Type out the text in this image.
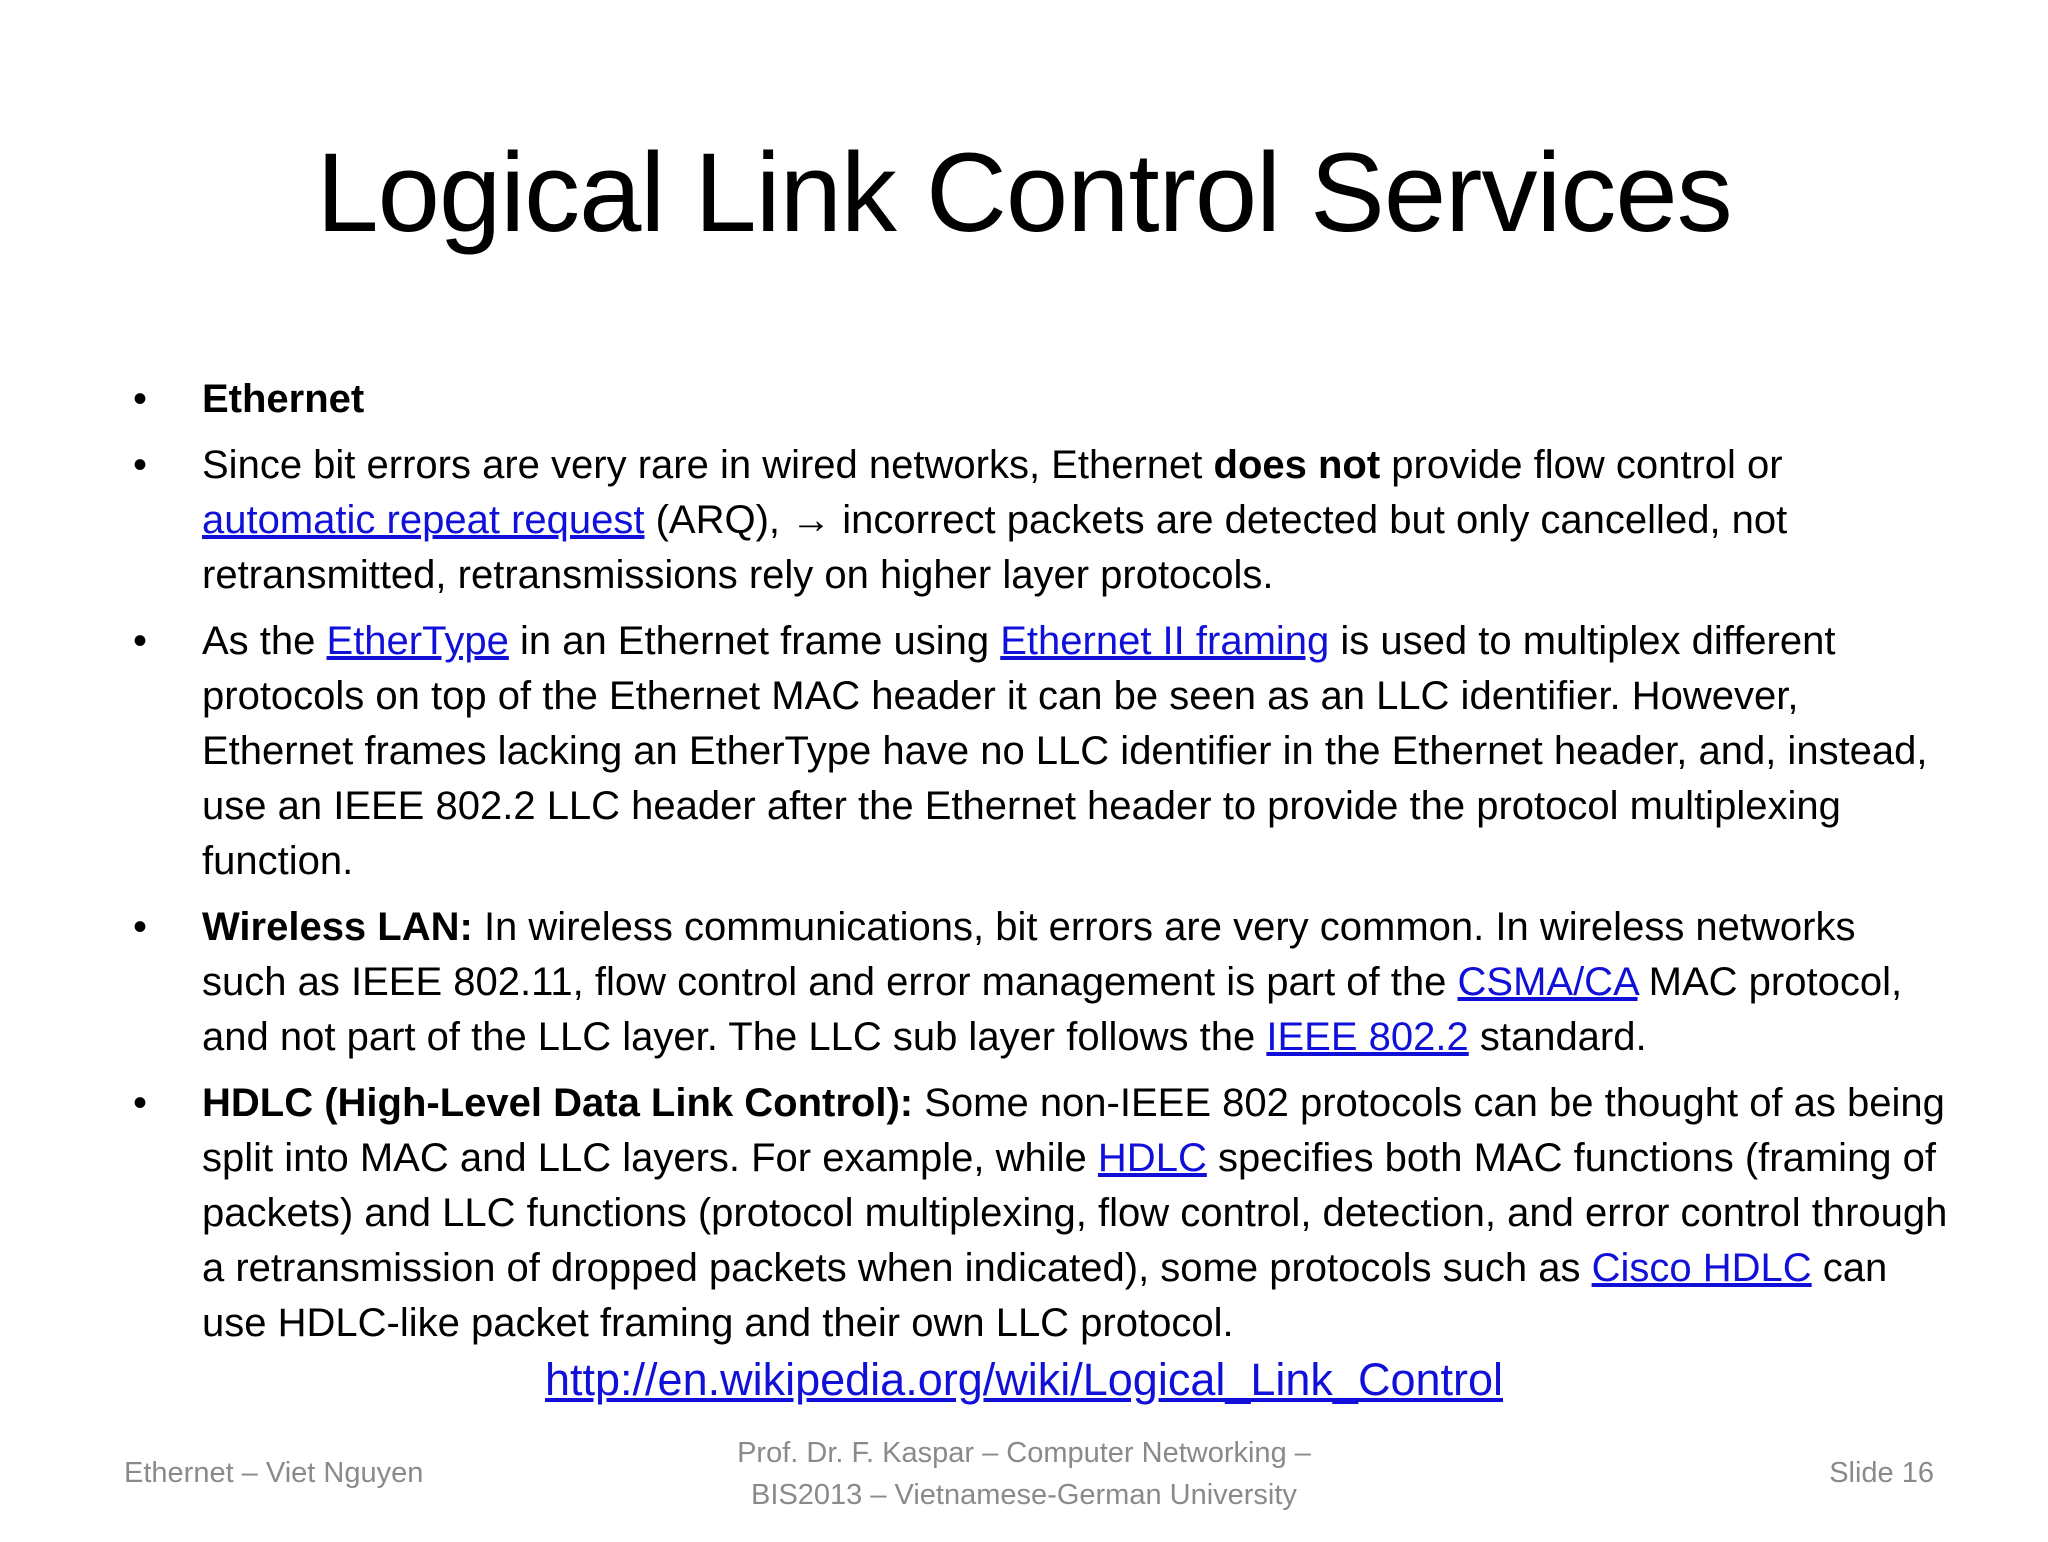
Logical Link Control Services
•	Ethernet
•	Since bit errors are very rare in wired networks, Ethernet does not provide flow control or automatic repeat request (ARQ), → incorrect packets are detected but only cancelled, not retransmitted, retransmissions rely on higher layer protocols.
•	As the EtherType in an Ethernet frame using Ethernet II framing is used to multiplex different protocols on top of the Ethernet MAC header it can be seen as an LLC identifier. However, Ethernet frames lacking an EtherType have no LLC identifier in the Ethernet header, and, instead, use an IEEE 802.2 LLC header after the Ethernet header to provide the protocol multiplexing function.
•	Wireless LAN: In wireless communications, bit errors are very common. In wireless networks such as IEEE 802.11, flow control and error management is part of the CSMA/CA MAC protocol, and not part of the LLC layer. The LLC sub layer follows the IEEE 802.2 standard.
•	HDLC (High-Level Data Link Control): Some non-IEEE 802 protocols can be thought of as being split into MAC and LLC layers. For example, while HDLC specifies both MAC functions (framing of packets) and LLC functions (protocol multiplexing, flow control, detection, and error control through a retransmission of dropped packets when indicated), some protocols such as Cisco HDLC can use HDLC-like packet framing and their own LLC protocol.
http://en.wikipedia.org/wiki/Logical_Link_Control
Ethernet – Viet Nguyen
Prof. Dr. F. Kaspar – Computer Networking –
BIS2013 – Vietnamese-German University
Slide 16
